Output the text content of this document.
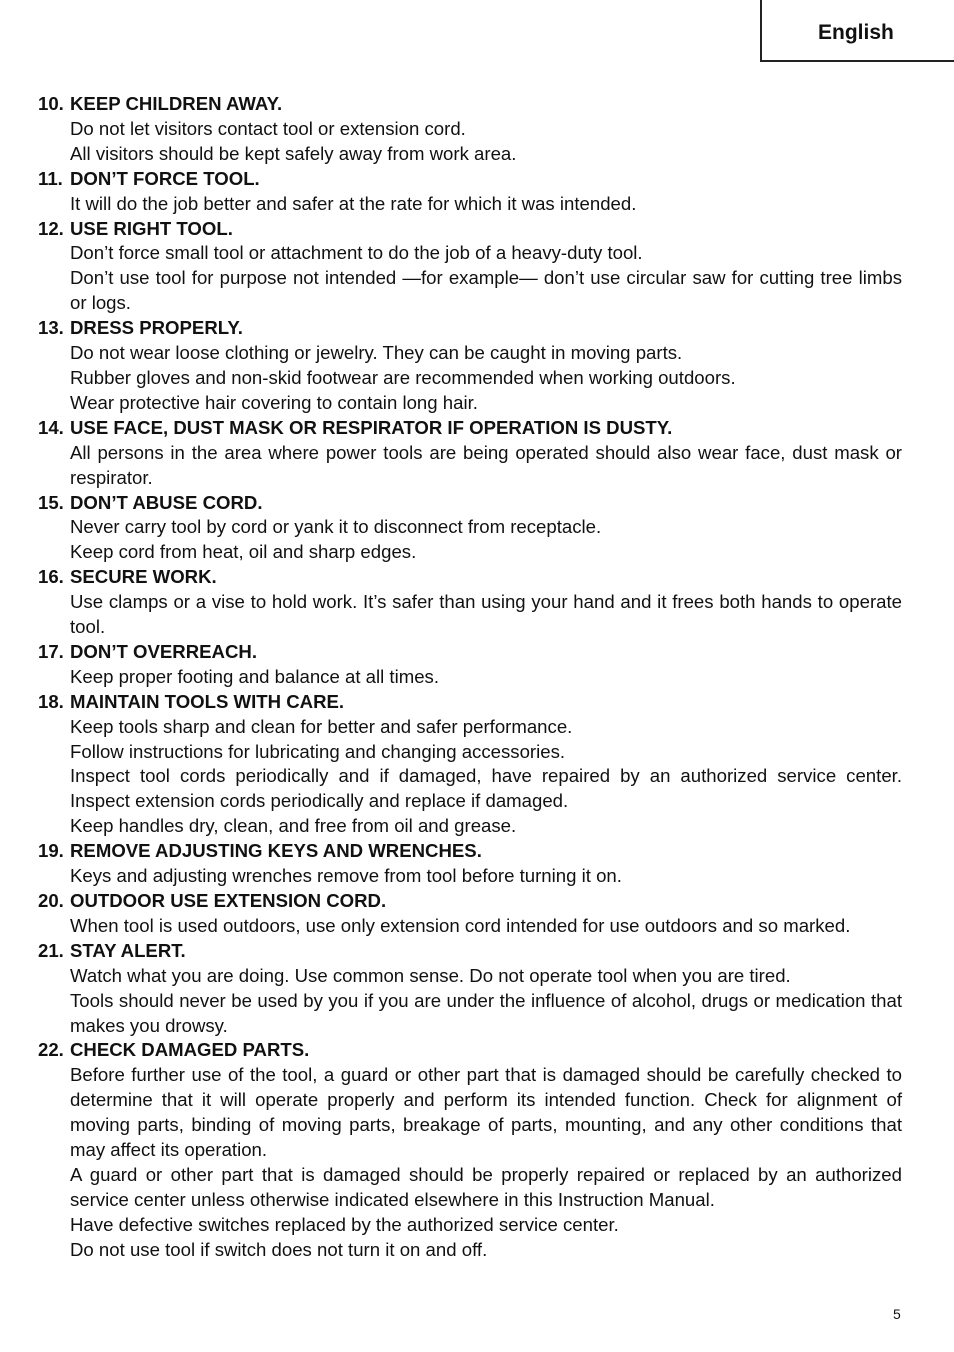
English
10. KEEP CHILDREN AWAY.
Do not let visitors contact tool or extension cord.
All visitors should be kept safely away from work area.
11. DON’T FORCE TOOL.
It will do the job better and safer at the rate for which it was intended.
12. USE RIGHT TOOL.
Don’t force small tool or attachment to do the job of a heavy-duty tool.
Don’t use tool for purpose not intended —for example— don’t use circular saw for cutting tree limbs or logs.
13. DRESS PROPERLY.
Do not wear loose clothing or jewelry. They can be caught in moving parts.
Rubber gloves and non-skid footwear are recommended when working outdoors.
Wear protective hair covering to contain long hair.
14. USE FACE, DUST MASK OR RESPIRATOR IF OPERATION IS DUSTY.
All persons in the area where power tools are being operated should also wear face, dust mask or respirator.
15. DON’T ABUSE CORD.
Never carry tool by cord or yank it to disconnect from receptacle.
Keep cord from heat, oil and sharp edges.
16. SECURE WORK.
Use clamps or a vise to hold work. It’s safer than using your hand and it frees both hands to operate tool.
17. DON’T OVERREACH.
Keep proper footing and balance at all times.
18. MAINTAIN TOOLS WITH CARE.
Keep tools sharp and clean for better and safer performance.
Follow instructions for lubricating and changing accessories.
Inspect tool cords periodically and if damaged, have repaired by an authorized service center. Inspect extension cords periodically and replace if damaged.
Keep handles dry, clean, and free from oil and grease.
19. REMOVE ADJUSTING KEYS AND WRENCHES.
Keys and adjusting wrenches remove from tool before turning it on.
20. OUTDOOR USE EXTENSION CORD.
When tool is used outdoors, use only extension cord intended for use outdoors and so marked.
21. STAY ALERT.
Watch what you are doing. Use common sense. Do not operate tool when you are tired.
Tools should never be used by you if you are under the influence of alcohol, drugs or medication that makes you drowsy.
22. CHECK DAMAGED PARTS.
Before further use of the tool, a guard or other part that is damaged should be carefully checked to determine that it will operate properly and perform its intended function. Check for alignment of moving parts, binding of moving parts, breakage of parts, mounting, and any other conditions that may affect its operation.
A guard or other part that is damaged should be properly repaired or replaced by an authorized service center unless otherwise indicated elsewhere in this Instruction Manual.
Have defective switches replaced by the authorized service center.
Do not use tool if switch does not turn it on and off.
5
